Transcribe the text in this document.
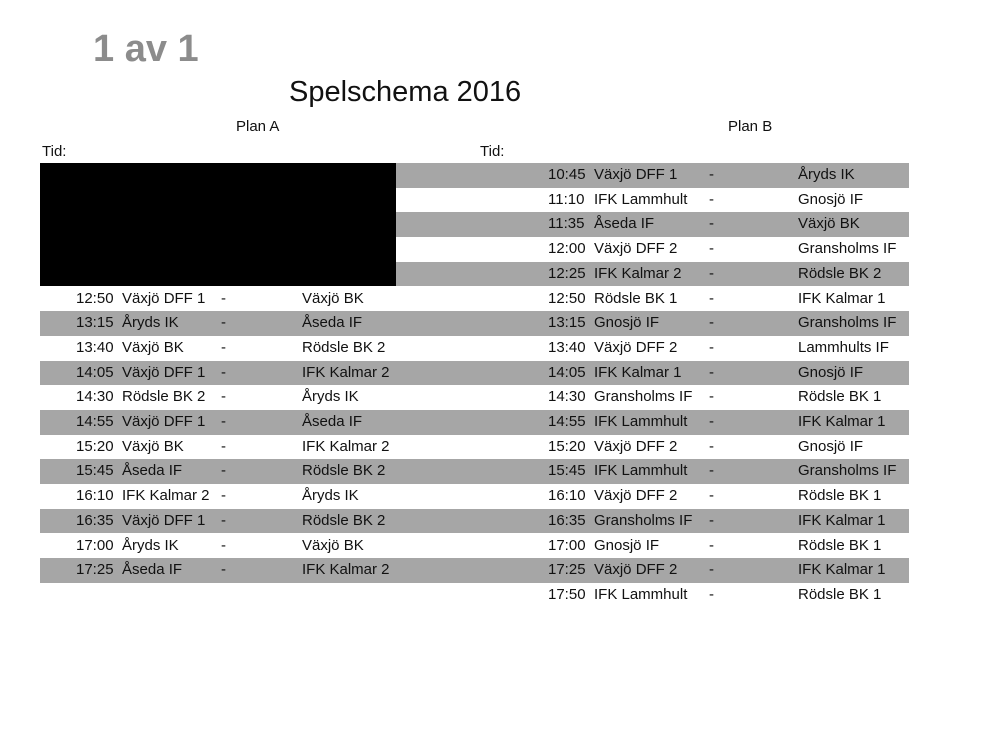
1 av 1
Spelschema 2016
Plan A	Plan B
Tid:	Tid:
10:45 Växjö DFF 1 -	Åryds IK
11:10 IFK Lammhult -	Gnosjö IF
11:35 Åseda IF	-	Växjö BK
12:00 Växjö DFF 2 -	Gransholms IF
12:25 IFK Kalmar 2 -	Rödsle BK 2
12:50 Rödsle BK 1 -	IFK Kalmar 1
13:15 Gnosjö IF	-	Gransholms IF
13:40 Växjö DFF 2 -	Lammhults IF
14:05 IFK Kalmar 1 -	Gnosjö IF
14:30 Gransholms IF -	Rödsle BK 1
14:55 IFK Lammhult -	IFK Kalmar 1
15:20 Växjö DFF 2 -	Gnosjö IF
15:45 IFK Lammhult -	Gransholms IF
16:10 Växjö DFF 2 -	Rödsle BK 1
16:35 Gransholms IF -	IFK Kalmar 1
17:00 Gnosjö IF	-	Rödsle BK 1
17:25 Växjö DFF 2 -	IFK Kalmar 1
17:50 IFK Lammhult -	Rödsle BK 1
12:50 Växjö DFF 1 -	Växjö BK
13:15 Åryds IK	-	Åseda IF
13:40 Växjö BK -	Rödsle BK 2
14:05 Växjö DFF 1 -	IFK Kalmar 2
14:30 Rödsle BK 2 -	Åryds IK
14:55 Växjö DFF 1 -	Åseda IF
15:20 Växjö BK -	IFK Kalmar 2
15:45 Åseda IF	-	Rödsle BK 2
16:10 IFK Kalmar 2 -	Åryds IK
16:35 Växjö DFF 1 -	Rödsle BK 2
17:00 Åryds IK	-	Växjö BK
17:25 Åseda IF	-	IFK Kalmar 2
